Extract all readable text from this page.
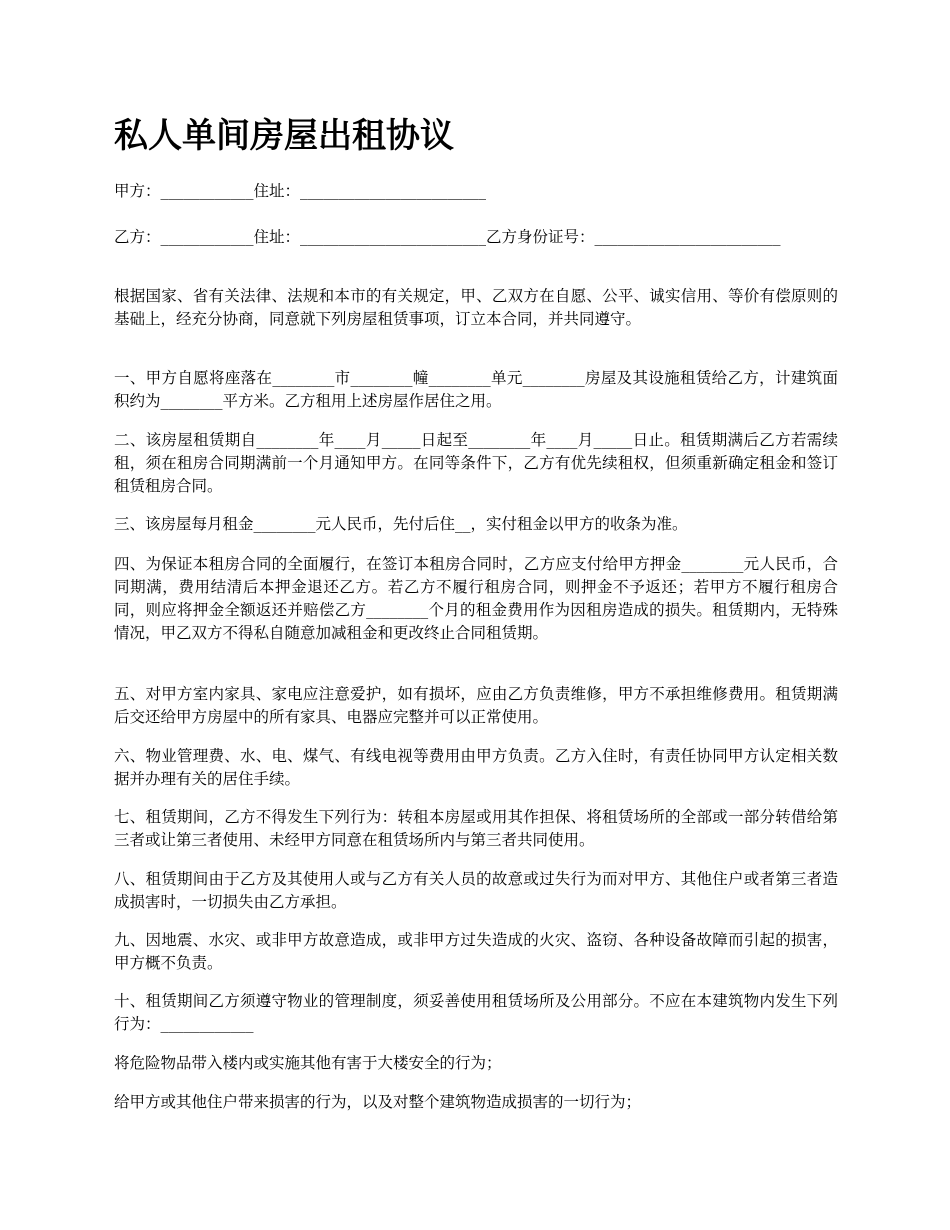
私人单间房屋出租协议

甲方：____________住址：________________________

乙方：____________住址：________________________乙方身份证号：________________________

根据国家、省有关法律、法规和本市的有关规定，甲、乙双方在自愿、公平、诚实信用、等价有偿原则的基础上，经充分协商，同意就下列房屋租赁事项，订立本合同，并共同遵守。

一、甲方自愿将座落在________市________幢________单元________房屋及其设施租赁给乙方，计建筑面积约为________平方米。乙方租用上述房屋作居住之用。

二、该房屋租赁期自________年____月_____日起至________年____月_____日止。租赁期满后乙方若需续租，须在租房合同期满前一个月通知甲方。在同等条件下，乙方有优先续租权，但须重新确定租金和签订租赁租房合同。

三、该房屋每月租金________元人民币，先付后住__，实付租金以甲方的收条为准。

四、为保证本租房合同的全面履行，在签订本租房合同时，乙方应支付给甲方押金________元人民币，合同期满，费用结清后本押金退还乙方。若乙方不履行租房合同，则押金不予返还；若甲方不履行租房合同，则应将押金全额返还并赔偿乙方________个月的租金费用作为因租房造成的损失。租赁期内，无特殊情况，甲乙双方不得私自随意加减租金和更改终止合同租赁期。

五、对甲方室内家具、家电应注意爱护，如有损坏，应由乙方负责维修，甲方不承担维修费用。租赁期满后交还给甲方房屋中的所有家具、电器应完整并可以正常使用。

六、物业管理费、水、电、煤气、有线电视等费用由甲方负责。乙方入住时，有责任协同甲方认定相关数据并办理有关的居住手续。

七、租赁期间，乙方不得发生下列行为：转租本房屋或用其作担保、将租赁场所的全部或一部分转借给第三者或让第三者使用、未经甲方同意在租赁场所内与第三者共同使用。

八、租赁期间由于乙方及其使用人或与乙方有关人员的故意或过失行为而对甲方、其他住户或者第三者造成损害时，一切损失由乙方承担。

九、因地震、水灾、或非甲方故意造成，或非甲方过失造成的火灾、盗窃、各种设备故障而引起的损害，甲方概不负责。

十、租赁期间乙方须遵守物业的管理制度，须妥善使用租赁场所及公用部分。不应在本建筑物内发生下列行为：____________

将危险物品带入楼内或实施其他有害于大楼安全的行为；

给甲方或其他住户带来损害的行为，以及对整个建筑物造成损害的一切行为；
